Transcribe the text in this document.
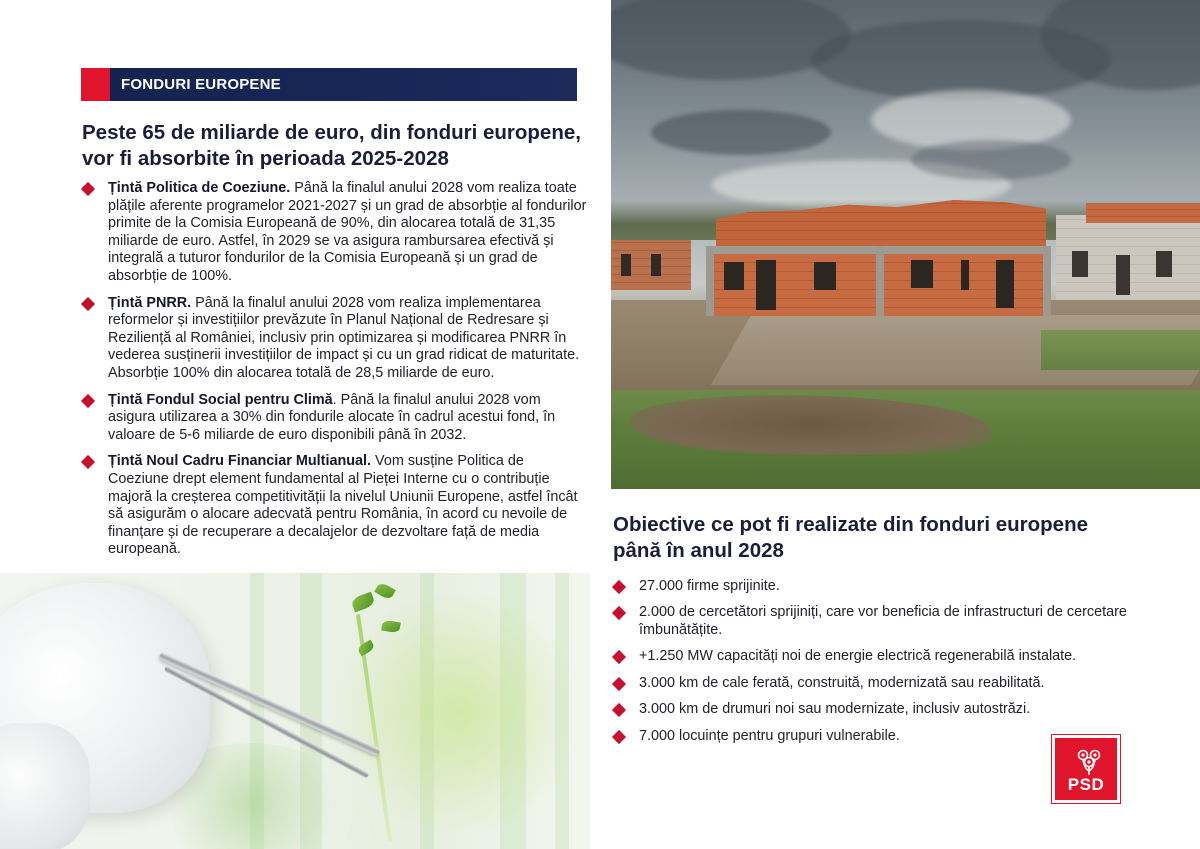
FONDURI EUROPENE
Peste 65 de miliarde de euro, din fonduri europene, vor fi absorbite în perioada 2025-2028
Țintă Politica de Coeziune. Până la finalul anului 2028 vom realiza toate plățile aferente programelor 2021-2027 și un grad de absorbție al fondurilor primite de la Comisia Europeană de 90%, din alocarea totală de 31,35 miliarde de euro. Astfel, în 2029 se va asigura rambursarea efectivă și integrală a tuturor fondurilor de la Comisia Europeană și un grad de absorbție de 100%.
Țintă PNRR. Până la finalul anului 2028 vom realiza implementarea reformelor și investițiilor prevăzute în Planul Național de Redresare și Reziliență al României, inclusiv prin optimizarea și modificarea PNRR în vederea susținerii investițiilor de impact și cu un grad ridicat de maturitate. Absorbție 100% din alocarea totală de 28,5 miliarde de euro.
Țintă Fondul Social pentru Climă. Până la finalul anului 2028 vom asigura utilizarea a 30% din fondurile alocate în cadrul acestui fond, în valoare de 5-6 miliarde de euro disponibili până în 2032.
Țintă Noul Cadru Financiar Multianual. Vom susține Politica de Coeziune drept element fundamental al Pieței Interne cu o contribuție majoră la creșterea competitivității la nivelul Uniunii Europene, astfel încât să asigurăm o alocare adecvată pentru România, în acord cu nevoile de finanțare și de recuperare a decalajelor de dezvoltare față de media europeană.
Obiective ce pot fi realizate din fonduri europene până în anul 2028
27.000 firme sprijinite.
2.000 de cercetători sprijiniți, care vor beneficia de infrastructuri de cercetare îmbunătățite.
+1.250 MW capacități noi de energie electrică regenerabilă instalate.
3.000 km de cale ferată, construită, modernizată sau reabilitată.
3.000 km de drumuri noi sau modernizate, inclusiv autostrăzi.
7.000 locuințe pentru grupuri vulnerabile.
PSD
